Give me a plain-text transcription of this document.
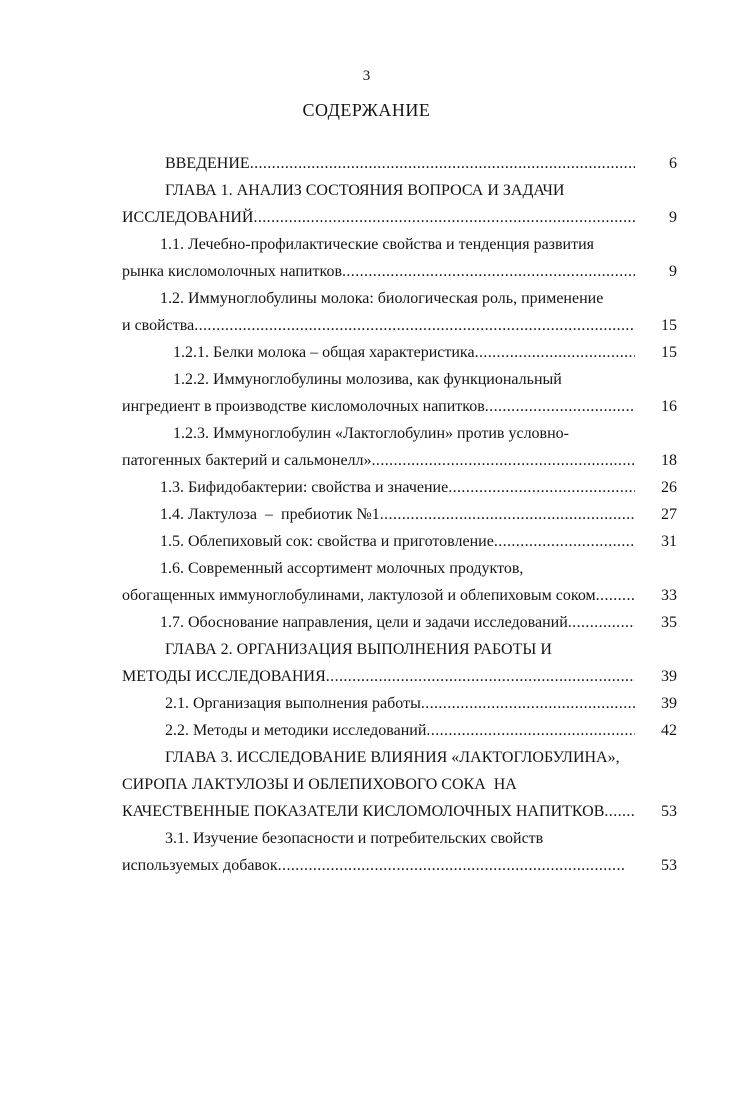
3
СОДЕРЖАНИЕ
ВВЕДЕНИЕ .....	6
ГЛАВА 1. АНАЛИЗ СОСТОЯНИЯ ВОПРОСА И ЗАДАЧИ
ИССЛЕДОВАНИЙ .....	9
1.1. Лечебно-профилактические свойства и тенденция развития
рынка кисломолочных напитков .....	9
1.2. Иммуноглобулины молока: биологическая роль, применение
и свойства .....	15
1.2.1. Белки молока – общая характеристика .....	15
1.2.2. Иммуноглобулины молозива, как функциональный
ингредиент в производстве кисломолочных напитков .....	16
1.2.3. Иммуноглобулин «Лактоглобулин» против условно-
патогенных бактерий и сальмонелл» .....	18
1.3. Бифидобактерии: свойства и значение .....	26
1.4. Лактулоза  –  пребиотик №1 .....	27
1.5. Облепиховый сок: свойства и приготовление .....	31
1.6. Современный ассортимент молочных продуктов,
обогащенных иммуноглобулинами, лактулозой и облепиховым соком .....	33
1.7. Обоснование направления, цели и задачи исследований .....	35
ГЛАВА 2. ОРГАНИЗАЦИЯ ВЫПОЛНЕНИЯ РАБОТЫ И
МЕТОДЫ ИССЛЕДОВАНИЯ .....	39
2.1. Организация выполнения работы .....	39
2.2. Методы и методики исследований .....	42
ГЛАВА 3. ИССЛЕДОВАНИЕ ВЛИЯНИЯ «ЛАКТОГЛОБУЛИНА»,
СИРОПА ЛАКТУЛОЗЫ И ОБЛЕПИХОВОГО СОКА  НА
КАЧЕСТВЕННЫЕ ПОКАЗАТЕЛИ КИСЛОМОЛОЧНЫХ НАПИТКОВ .....	53
3.1. Изучение безопасности и потребительских свойств
используемых добавок .....	53
